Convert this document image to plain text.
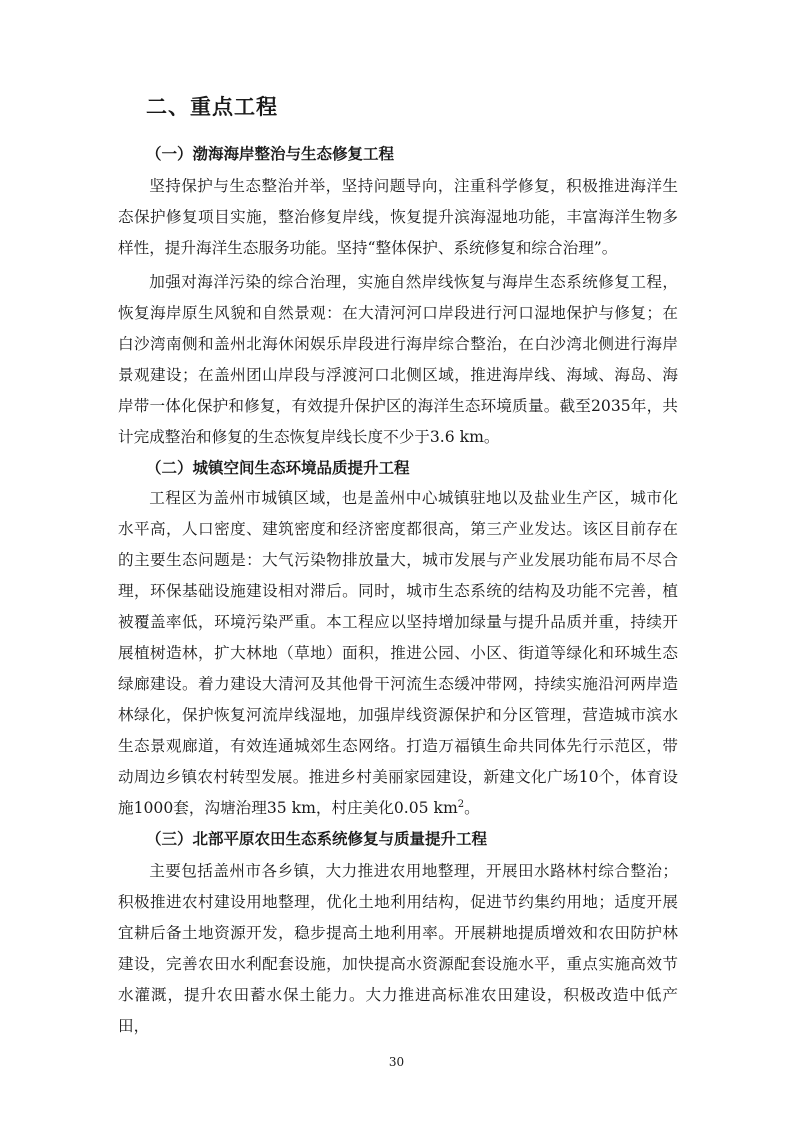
二、重点工程
（一）渤海海岸整治与生态修复工程

坚持保护与生态整治并举，坚持问题导向，注重科学修复，积极推进海洋生态保护修复项目实施，整治修复岸线，恢复提升滨海湿地功能，丰富海洋生物多样性，提升海洋生态服务功能。坚持“整体保护、系统修复和综合治理”。

加强对海洋污染的综合治理，实施自然岸线恢复与海岸生态系统修复工程，恢复海岸原生风貌和自然景观：在大清河河口岸段进行河口湿地保护与修复；在白沙湾南侧和盖州北海休闲娱乐岸段进行海岸综合整治，在白沙湾北侧进行海岸景观建设；在盖州团山岸段与浮渡河口北侧区域，推进海岸线、海域、海岛、海岸带一体化保护和修复，有效提升保护区的海洋生态环境质量。截至2035年，共计完成整治和修复的生态恢复岸线长度不少于3.6 km。

（二）城镇空间生态环境品质提升工程

工程区为盖州市城镇区域，也是盖州中心城镇驻地以及盐业生产区，城市化水平高，人口密度、建筑密度和经济密度都很高，第三产业发达。该区目前存在的主要生态问题是：大气污染物排放量大，城市发展与产业发展功能布局不尽合理，环保基础设施建设相对滞后。同时，城市生态系统的结构及功能不完善，植被覆盖率低，环境污染严重。本工程应以坚持增加绿量与提升品质并重，持续开展植树造林，扩大林地（草地）面积，推进公园、小区、街道等绿化和环城生态绿廊建设。着力建设大清河及其他骨干河流生态缓冲带网，持续实施沿河两岸造林绿化，保护恢复河流岸线湿地，加强岸线资源保护和分区管理，营造城市滨水生态景观廊道，有效连通城郊生态网络。打造万福镇生命共同体先行示范区，带动周边乡镇农村转型发展。推进乡村美丽家园建设，新建文化广场10个，体育设施1000套，沟塘治理35 km，村庄美化0.05 $km^2$。

（三）北部平原农田生态系统修复与质量提升工程

主要包括盖州市各乡镇，大力推进农用地整理，开展田水路林村综合整治；积极推进农村建设用地整理，优化土地利用结构，促进节约集约用地；适度开展宜耕后备土地资源开发，稳步提高土地利用率。开展耕地提质增效和农田防护林建设，完善农田水利配套设施，加快提高水资源配套设施水平，重点实施高效节水灌溉，提升农田蓄水保土能力。大力推进高标准农田建设，积极改造中低产田，

30
